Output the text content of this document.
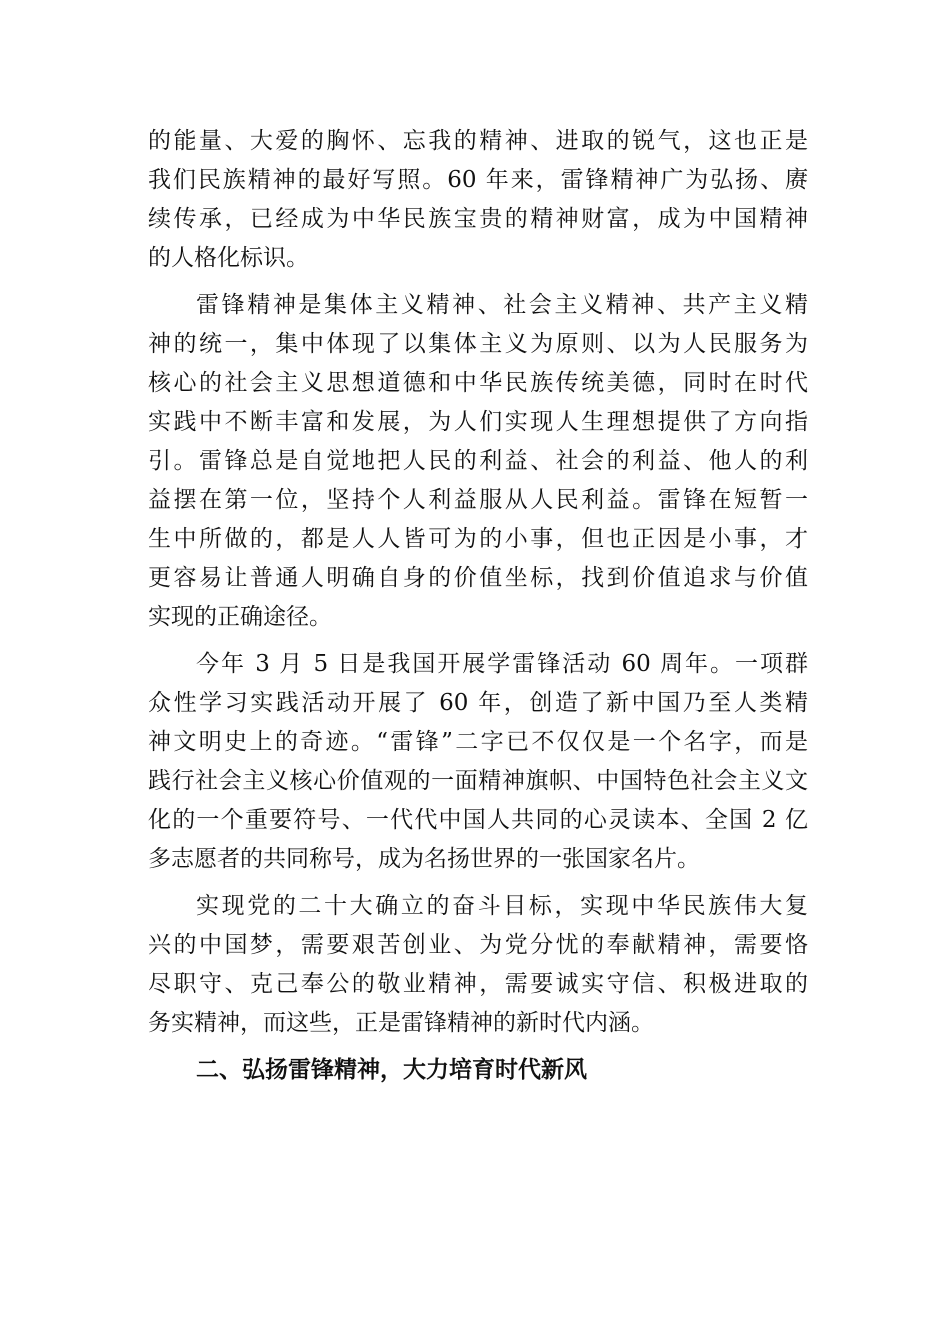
的能量、大爱的胸怀、忘我的精神、进取的锐气，这也正是
我们民族精神的最好写照。60 年来，雷锋精神广为弘扬、赓
续传承，已经成为中华民族宝贵的精神财富，成为中国精神
的人格化标识。
雷锋精神是集体主义精神、社会主义精神、共产主义精
神的统一，集中体现了以集体主义为原则、以为人民服务为
核心的社会主义思想道德和中华民族传统美德，同时在时代
实践中不断丰富和发展，为人们实现人生理想提供了方向指
引。雷锋总是自觉地把人民的利益、社会的利益、他人的利
益摆在第一位，坚持个人利益服从人民利益。雷锋在短暂一
生中所做的，都是人人皆可为的小事，但也正因是小事，才
更容易让普通人明确自身的价值坐标，找到价值追求与价值
实现的正确途径。
今年 3 月 5 日是我国开展学雷锋活动 60 周年。一项群
众性学习实践活动开展了 60 年，创造了新中国乃至人类精
神文明史上的奇迹。“雷锋”二字已不仅仅是一个名字，而是
践行社会主义核心价值观的一面精神旗帜、中国特色社会主义文
化的一个重要符号、一代代中国人共同的心灵读本、全国 2 亿
多志愿者的共同称号，成为名扬世界的一张国家名片。
实现党的二十大确立的奋斗目标，实现中华民族伟大复
兴的中国梦，需要艰苦创业、为党分忧的奉献精神，需要恪
尽职守、克己奉公的敬业精神，需要诚实守信、积极进取的
务实精神，而这些，正是雷锋精神的新时代内涵。
二、弘扬雷锋精神，大力培育时代新风
